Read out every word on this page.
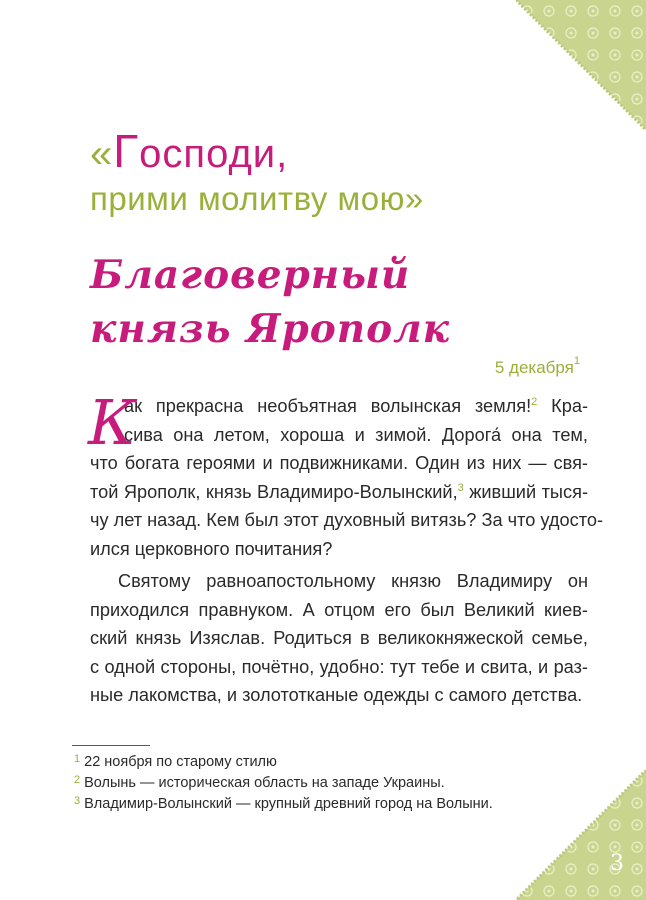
«Господи,
прими молитву мою»
Благоверный
князь Ярополк
5 декабря$^1$
К
ак прекрасна необъятная волынская земля!$^2$ Кра-
сива она летом, хороша и зимой. Дорога́ она тем,
что богата героями и подвижниками. Один из них — свя-
той Ярополк, князь Владимиро-Волынский,$^3$ живший тыся-
чу лет назад. Кем был этот духовный витязь? За что удосто-
ился церковного почитания?
Святому равноапостольному князю Владимиру он
приходился правнуком. А отцом его был Великий киев-
ский князь Изяслав. Родиться в великокняжеской семье,
с одной стороны, почётно, удобно: тут тебе и свита, и раз-
ные лакомства, и золототканые одежды с самого детства.
$^1$ 22 ноября по старому стилю
$^2$ Волынь — историческая область на западе Украины.
$^3$ Владимир-Волынский — крупный древний город на Волыни.
3
